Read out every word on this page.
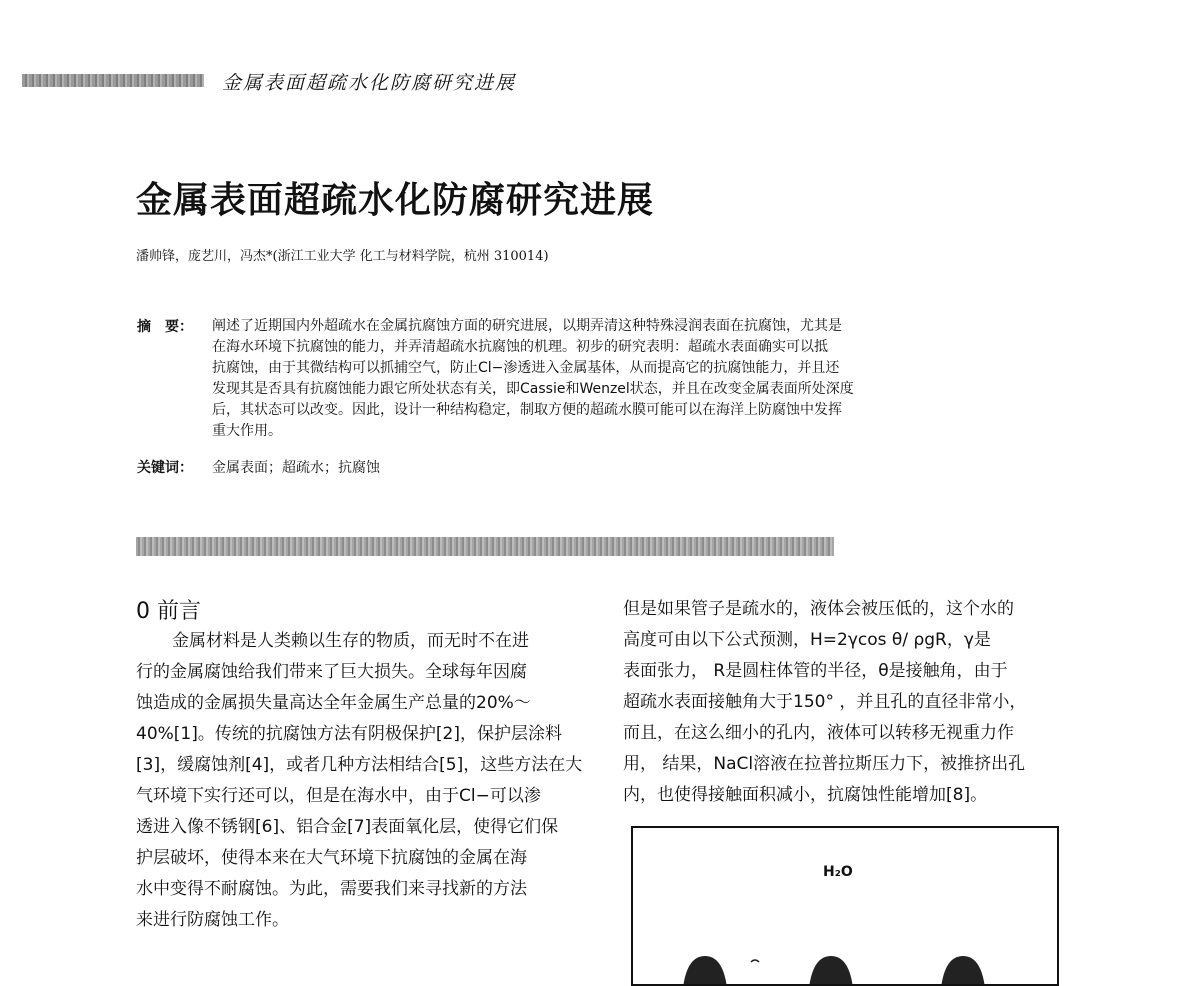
金属表面超疏水化防腐研究进展
金属表面超疏水化防腐研究进展
潘帅锋，庞艺川，冯杰*(浙江工业大学 化工与材料学院，杭州 310014)
摘　要： 阐述了近期国内外超疏水在金属抗腐蚀方面的研究进展，以期弄清这种特殊浸润表面在抗腐蚀，尤其是
在海水环境下抗腐蚀的能力，并弄清超疏水抗腐蚀的机理。初步的研究表明：超疏水表面确实可以抵
抗腐蚀，由于其微结构可以抓捕空气，防止Cl−渗透进入金属基体，从而提高它的抗腐蚀能力，并且还
发现其是否具有抗腐蚀能力跟它所处状态有关，即Cassie和Wenzel状态，并且在改变金属表面所处深度
后，其状态可以改变。因此，设计一种结构稳定，制取方便的超疏水膜可能可以在海洋上防腐蚀中发挥
重大作用。
关键词： 金属表面；超疏水；抗腐蚀
0 前言
金属材料是人类赖以生存的物质，而无时不在进
行的金属腐蚀给我们带来了巨大损失。全球每年因腐
蚀造成的金属损失量高达全年金属生产总量的20%～
40%[1]。传统的抗腐蚀方法有阴极保护[2]，保护层涂料
[3]，缓腐蚀剂[4]，或者几种方法相结合[5]，这些方法在大
气环境下实行还可以，但是在海水中，由于Cl−可以渗
透进入像不锈钢[6]、铝合金[7]表面氧化层，使得它们保
护层破坏，使得本来在大气环境下抗腐蚀的金属在海
水中变得不耐腐蚀。为此，需要我们来寻找新的方法
来进行防腐蚀工作。
但是如果管子是疏水的，液体会被压低的，这个水的
高度可由以下公式预测，H=2γcos θ/ ρgR，γ是
表面张力， R是圆柱体管的半径，θ是接触角，由于
超疏水表面接触角大于150° ，并且孔的直径非常小，
而且，在这么细小的孔内，液体可以转移无视重力作
用， 结果，NaCl溶液在拉普拉斯压力下，被推挤出孔
内，也使得接触面积减小，抗腐蚀性能增加[8]。
H₂O
